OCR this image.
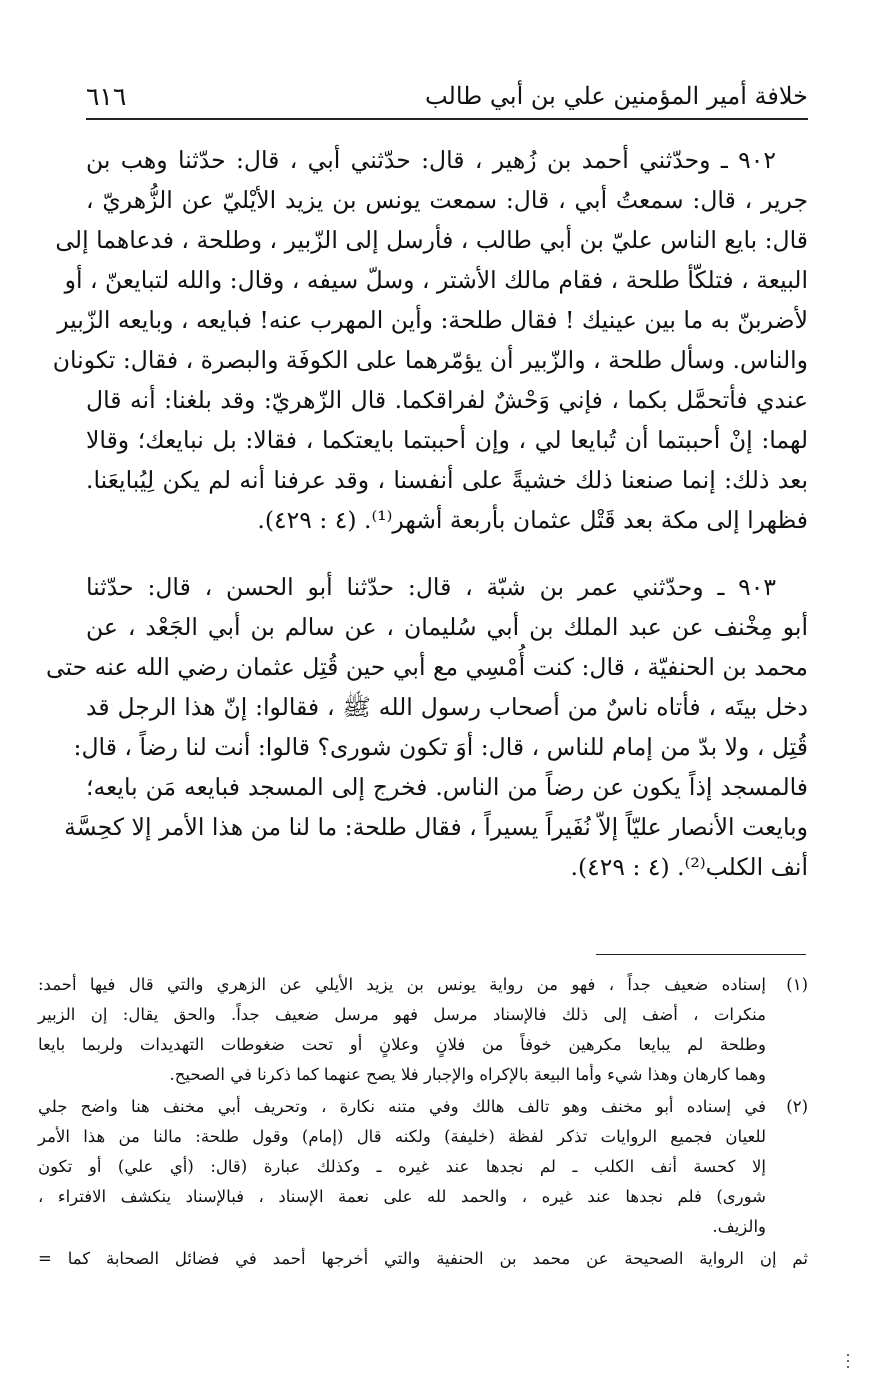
خلافة أمير المؤمنين علي بن أبي طالب
٦١٦
٩٠٢ ـ وحدّثني أحمد بن زُهير ، قال: حدّثني أبي ، قال: حدّثنا وهب بن
جرير ، قال: سمعتُ أبي ، قال: سمعت يونس بن يزيد الأيْليّ عن الزُّهريّ ،
قال: بايع الناس عليّ بن أبي طالب ، فأرسل إلى الزّبير ، وطلحة ، فدعاهما إلى
البيعة ، فتلكّأ طلحة ، فقام مالك الأشتر ، وسلّ سيفه ، وقال: والله لتبايعنّ ، أو
لأضربنّ به ما بين عينيك ! فقال طلحة: وأين المهرب عنه! فبايعه ، وبايعه الزّبير
والناس. وسأل طلحة ، والزّبير أن يؤمّرهما على الكوفَة والبصرة ، فقال: تكونان
عندي فأتحمَّل بكما ، فإني وَحْشٌ لفراقكما. قال الزّهريّ: وقد بلغنا: أنه قال
لهما: إنْ أحببتما أن تُبايعا لي ، وإن أحببتما بايعتكما ، فقالا: بل نبايعك؛ وقالا
بعد ذلك: إنما صنعنا ذلك خشيةً على أنفسنا ، وقد عرفنا أنه لم يكن لِيُبايعَنا.
فظهرا إلى مكة بعد قَتْل عثمان بأربعة أشهر⁽¹⁾. (٤ : ٤٢٩).
٩٠٣ ـ وحدّثني عمر بن شبّة ، قال: حدّثنا أبو الحسن ، قال: حدّثنا
أبو مِخْنف عن عبد الملك بن أبي سُليمان ، عن سالم بن أبي الجَعْد ، عن
محمد بن الحنفيّة ، قال: كنت أُمْسِي مع أبي حين قُتِل عثمان رضي الله عنه حتى
دخل بيتَه ، فأتاه ناسٌ من أصحاب رسول الله ﷺ ، فقالوا: إنّ هذا الرجل قد
قُتِل ، ولا بدّ من إمام للناس ، قال: أوَ تكون شورى؟ قالوا: أنت لنا رضاً ، قال:
فالمسجد إذاً يكون عن رضاً من الناس. فخرج إلى المسجد فبايعه مَن بايعه؛
وبايعت الأنصار عليّاً إلاّ نُفَيراً يسيراً ، فقال طلحة: ما لنا من هذا الأمر إلا كحِسَّة
أنف الكلب⁽²⁾. (٤ : ٤٢٩).
(١)
إسناده ضعيف جداً ، فهو من رواية يونس بن يزيد الأيلي عن الزهري والتي قال فيها أحمد:
منكرات ، أضف إلى ذلك فالإسناد مرسل فهو مرسل ضعيف جداً. والحق يقال: إن الزبير
وطلحة لم يبايعا مكرهين خوفاً من فلانٍ وعلانٍ أو تحت ضغوطات التهديدات ولربما بايعا
وهما كارهان وهذا شيء وأما البيعة بالإكراه والإجبار فلا يصح عنهما كما ذكرنا في الصحيح.
(٢)
في إسناده أبو مخنف وهو تالف هالك وفي متنه نكارة ، وتحريف أبي مخنف هنا واضح جلي
للعيان فجميع الروايات تذكر لفظة (خليفة) ولكنه قال (إمام) وقول طلحة: مالنا من هذا الأمر
إلا كحسة أنف الكلب ـ لم نجدها عند غيره ـ وكذلك عبارة (قال: (أي علي) أو تكون
شورى) فلم نجدها عند غيره ، والحمد لله على نعمة الإسناد ، فبالإسناد ينكشف الافتراء ،
والزيف.
ثم إن الرواية الصحيحة عن محمد بن الحنفية والتي أخرجها أحمد في فضائل الصحابة كما =
